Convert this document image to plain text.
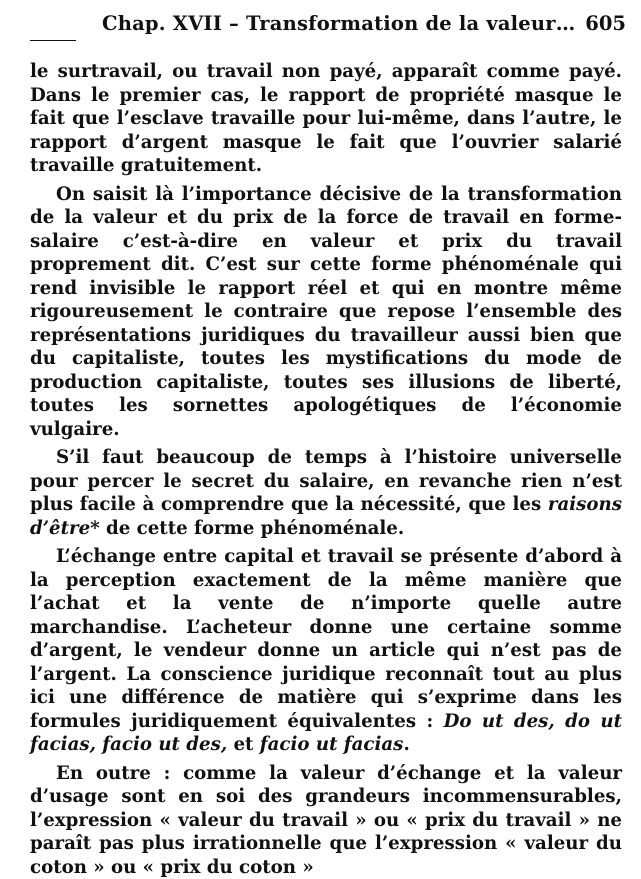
Chap. XVII – Transformation de la valeur… 605

le surtravail, ou travail non payé, apparaît comme payé. Dans le premier cas, le rapport de propriété masque le fait que l’esclave travaille pour lui-même, dans l’autre, le rapport d’argent masque le fait que l’ouvrier salarié travaille gratuitement.

On saisit là l’importance décisive de la transformation de la valeur et du prix de la force de travail en forme-salaire c’est-à-dire en valeur et prix du travail proprement dit. C’est sur cette forme phénoménale qui rend invisible le rapport réel et qui en montre même rigoureusement le contraire que repose l’ensemble des représentations juridiques du travailleur aussi bien que du capitaliste, toutes les mystifications du mode de production capitaliste, toutes ses illusions de liberté, toutes les sornettes apologétiques de l’économie vulgaire.

S’il faut beaucoup de temps à l’histoire universelle pour percer le secret du salaire, en revanche rien n’est plus facile à comprendre que la nécessité, que les raisons d’être* de cette forme phénoménale.

L’échange entre capital et travail se présente d’abord à la perception exactement de la même manière que l’achat et la vente de n’importe quelle autre marchandise. L’acheteur donne une certaine somme d’argent, le vendeur donne un article qui n’est pas de l’argent. La conscience juridique reconnaît tout au plus ici une différence de matière qui s’exprime dans les formules juridiquement équivalentes : Do ut des, do ut facias, facio ut des, et facio ut facias.

En outre : comme la valeur d’échange et la valeur d’usage sont en soi des grandeurs incommensurables, l’expression « valeur du travail » ou « prix du travail » ne paraît pas plus irrationnelle que l’expression « valeur du coton » ou « prix du coton »
